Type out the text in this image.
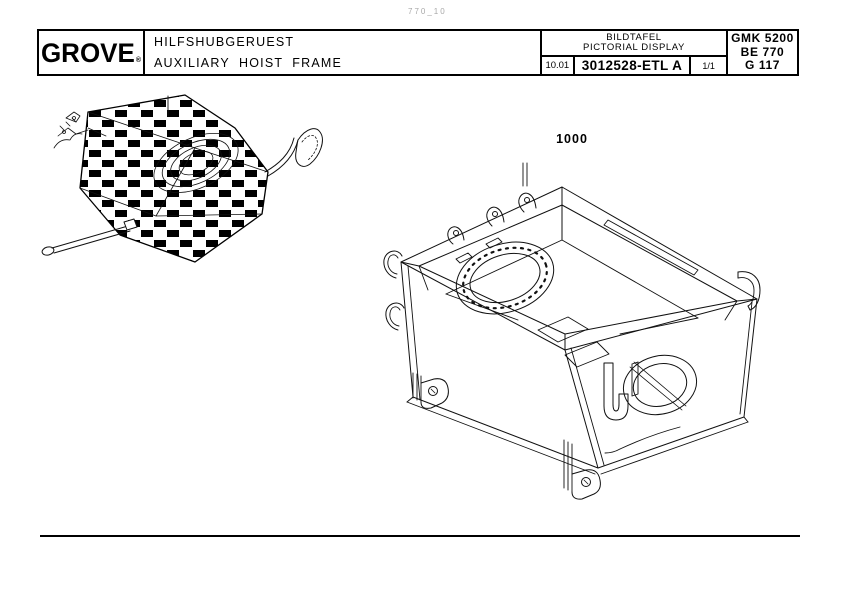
770_10
GROVE®
HILFSHUBGERUEST
AUXILIARY  HOIST  FRAME
BILDTAFEL
PICTORIAL DISPLAY
10.01 3012528-ETL A	1/1
GMK 5200
BE 770
G 117
1000
